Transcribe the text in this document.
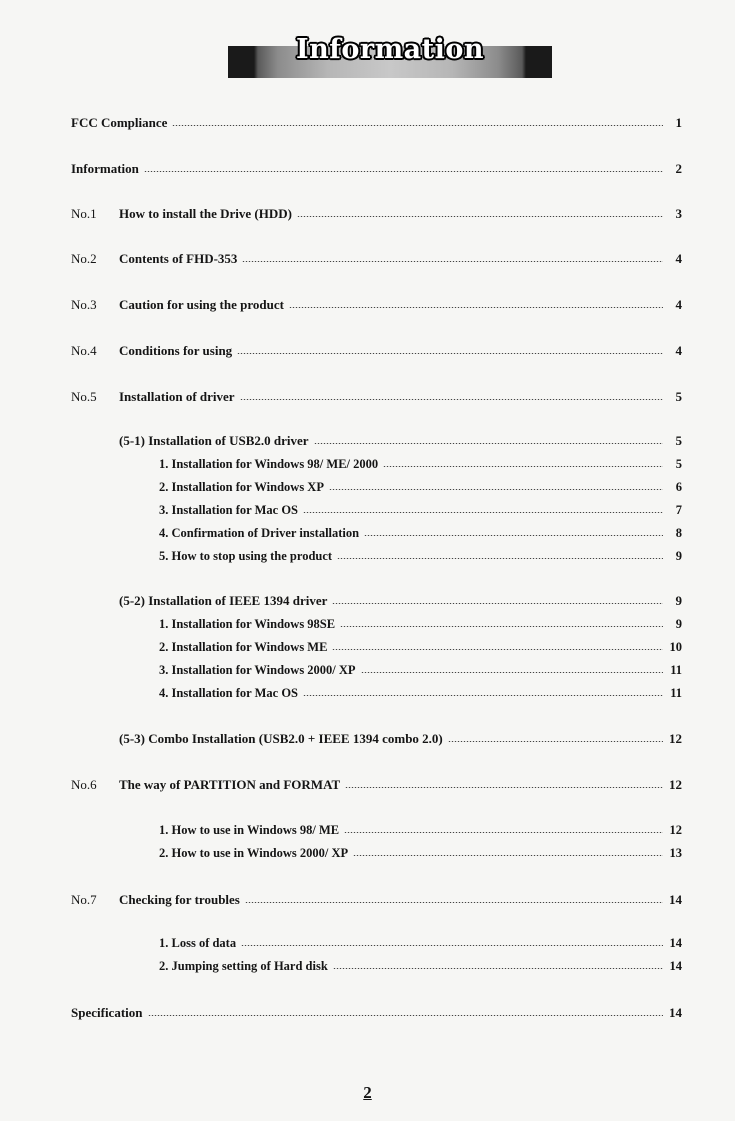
Information
FCC Compliance	1
Information	2
No.1	How to install the Drive (HDD)	3
No.2	Contents of FHD-353	4
No.3	Caution for using the product	4
No.4	Conditions for using	4
No.5	Installation of driver	5
(5-1) Installation of USB2.0 driver	5
1. Installation for Windows 98/ ME/ 2000	5
2. Installation for Windows XP	6
3. Installation for Mac OS	7
4. Confirmation of Driver installation	8
5. How to stop using the product	9
(5-2) Installation of IEEE 1394 driver	9
1. Installation for Windows 98SE	9
2. Installation for Windows ME	10
3. Installation for Windows 2000/ XP	11
4. Installation for Mac OS	11
(5-3) Combo Installation (USB2.0 + IEEE 1394 combo 2.0)	12
No.6	The way of PARTITION and FORMAT	12
1. How to use in Windows 98/ ME	12
2. How to use in Windows 2000/ XP	13
No.7	Checking for troubles	14
1. Loss of data	14
2. Jumping setting of Hard disk	14
Specification	14
2
